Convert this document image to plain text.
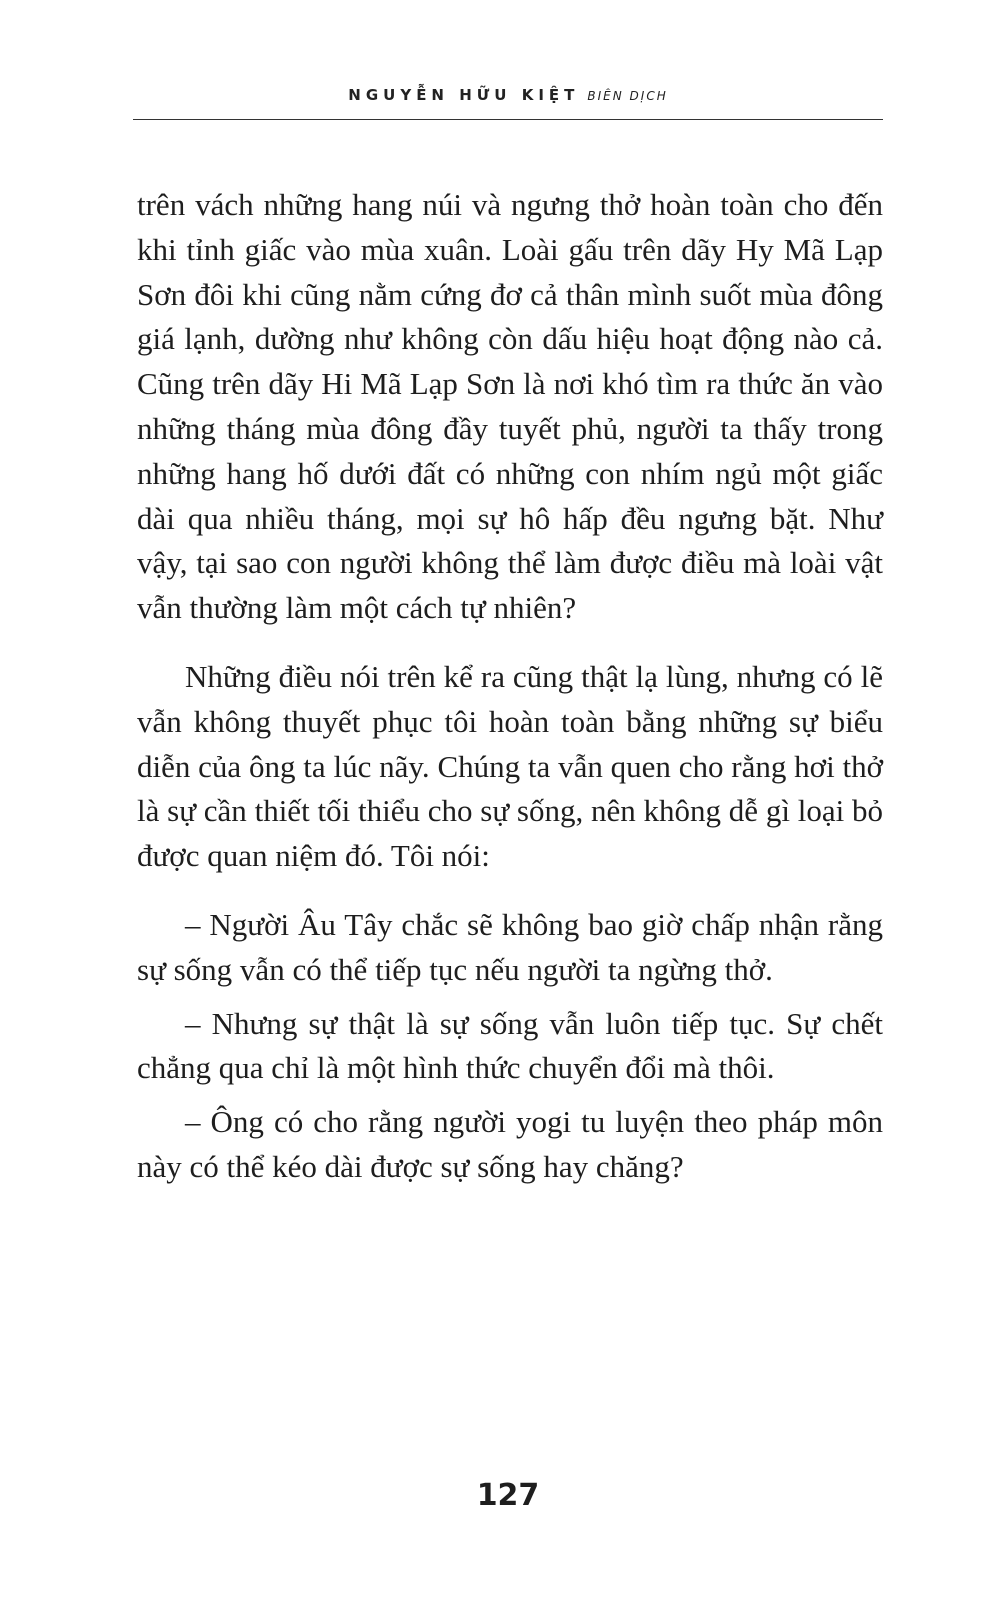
NGUYỄN HỮU KIỆT BIÊN DỊCH

trên vách những hang núi và ngưng thở hoàn toàn cho đến khi tỉnh giấc vào mùa xuân. Loài gấu trên dãy Hy Mã Lạp Sơn đôi khi cũng nằm cứng đơ cả thân mình suốt mùa đông giá lạnh, dường như không còn dấu hiệu hoạt động nào cả. Cũng trên dãy Hi Mã Lạp Sơn là nơi khó tìm ra thức ăn vào những tháng mùa đông đầy tuyết phủ, người ta thấy trong những hang hố dưới đất có những con nhím ngủ một giấc dài qua nhiều tháng, mọi sự hô hấp đều ngưng bặt. Như vậy, tại sao con người không thể làm được điều mà loài vật vẫn thường làm một cách tự nhiên?

Những điều nói trên kể ra cũng thật lạ lùng, nhưng có lẽ vẫn không thuyết phục tôi hoàn toàn bằng những sự biểu diễn của ông ta lúc nãy. Chúng ta vẫn quen cho rằng hơi thở là sự cần thiết tối thiểu cho sự sống, nên không dễ gì loại bỏ được quan niệm đó. Tôi nói:

– Người Âu Tây chắc sẽ không bao giờ chấp nhận rằng sự sống vẫn có thể tiếp tục nếu người ta ngừng thở.

– Nhưng sự thật là sự sống vẫn luôn tiếp tục. Sự chết chẳng qua chỉ là một hình thức chuyển đổi mà thôi.

– Ông có cho rằng người yogi tu luyện theo pháp môn này có thể kéo dài được sự sống hay chăng?

127
